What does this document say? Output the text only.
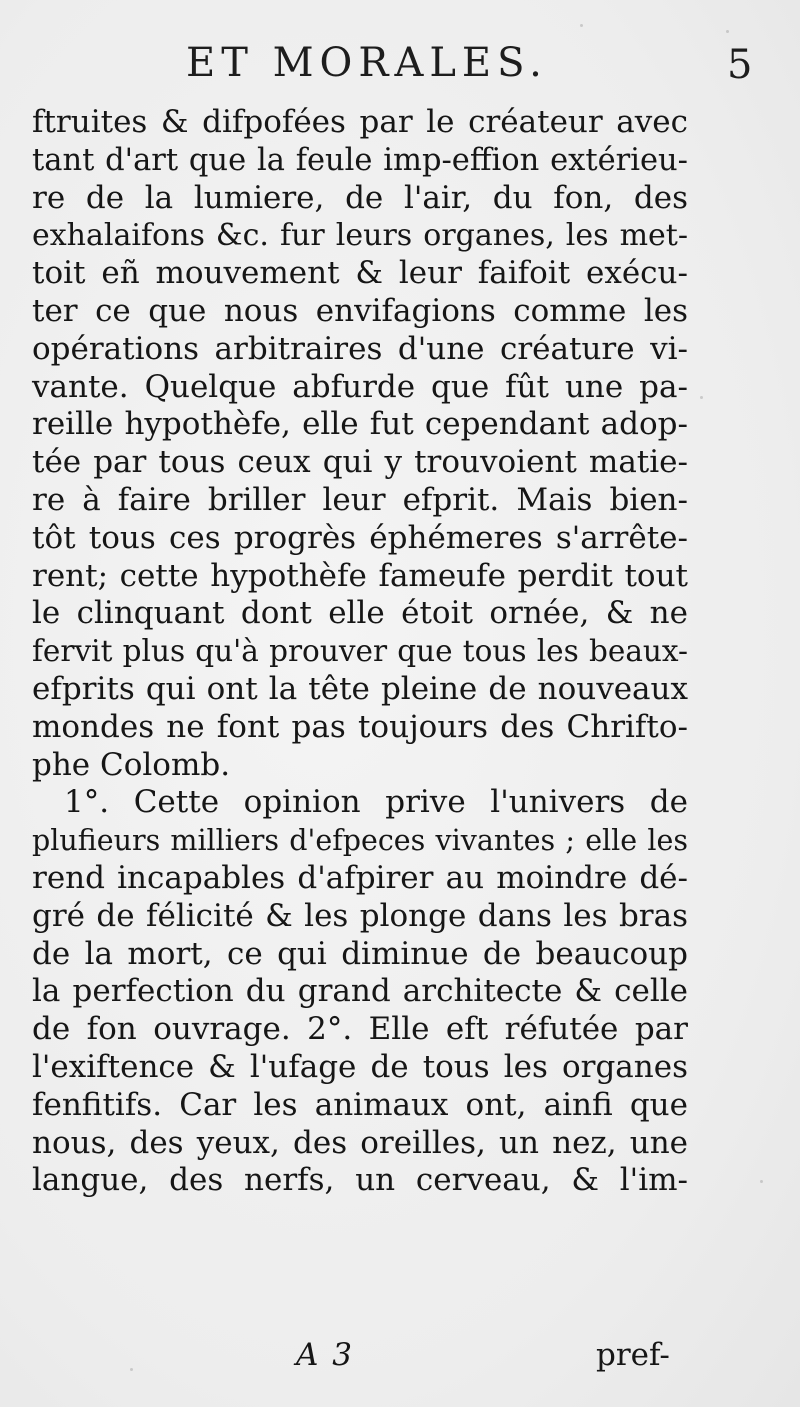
ET MORALES.	5
ftruites & difpofées par le créateur avec
tant d'art que la feule imp-effion extérieu-
re de la lumiere, de l'air, du fon, des
exhalaifons &c. fur leurs organes, les met-
toit eñ mouvement & leur faifoit exécu-
ter ce que nous envifagions comme les
opérations arbitraires d'une créature vi-
vante. Quelque abfurde que fût une pa-
reille hypothèfe, elle fut cependant adop-
tée par tous ceux qui y trouvoient matie-
re à faire briller leur efprit. Mais bien-
tôt tous ces progrès éphémeres s'arrête-
rent; cette hypothèfe fameufe perdit tout
le clinquant dont elle étoit ornée, & ne
fervit plus qu'à prouver que tous les beaux-
efprits qui ont la tête pleine de nouveaux
mondes ne font pas toujours des Chrifto-
phe Colomb.
1°. Cette opinion prive l'univers de
plufieurs milliers d'efpeces vivantes ; elle les
rend incapables d'afpirer au moindre dé-
gré de félicité & les plonge dans les bras
de la mort, ce qui diminue de beaucoup
la perfection du grand architecte & celle
de fon ouvrage. 2°. Elle eft réfutée par
l'exiftence & l'ufage de tous les organes
fenfitifs. Car les animaux ont, ainfi que
nous, des yeux, des oreilles, un nez, une
langue, des nerfs, un cerveau, & l'im-
A 3	pref-
